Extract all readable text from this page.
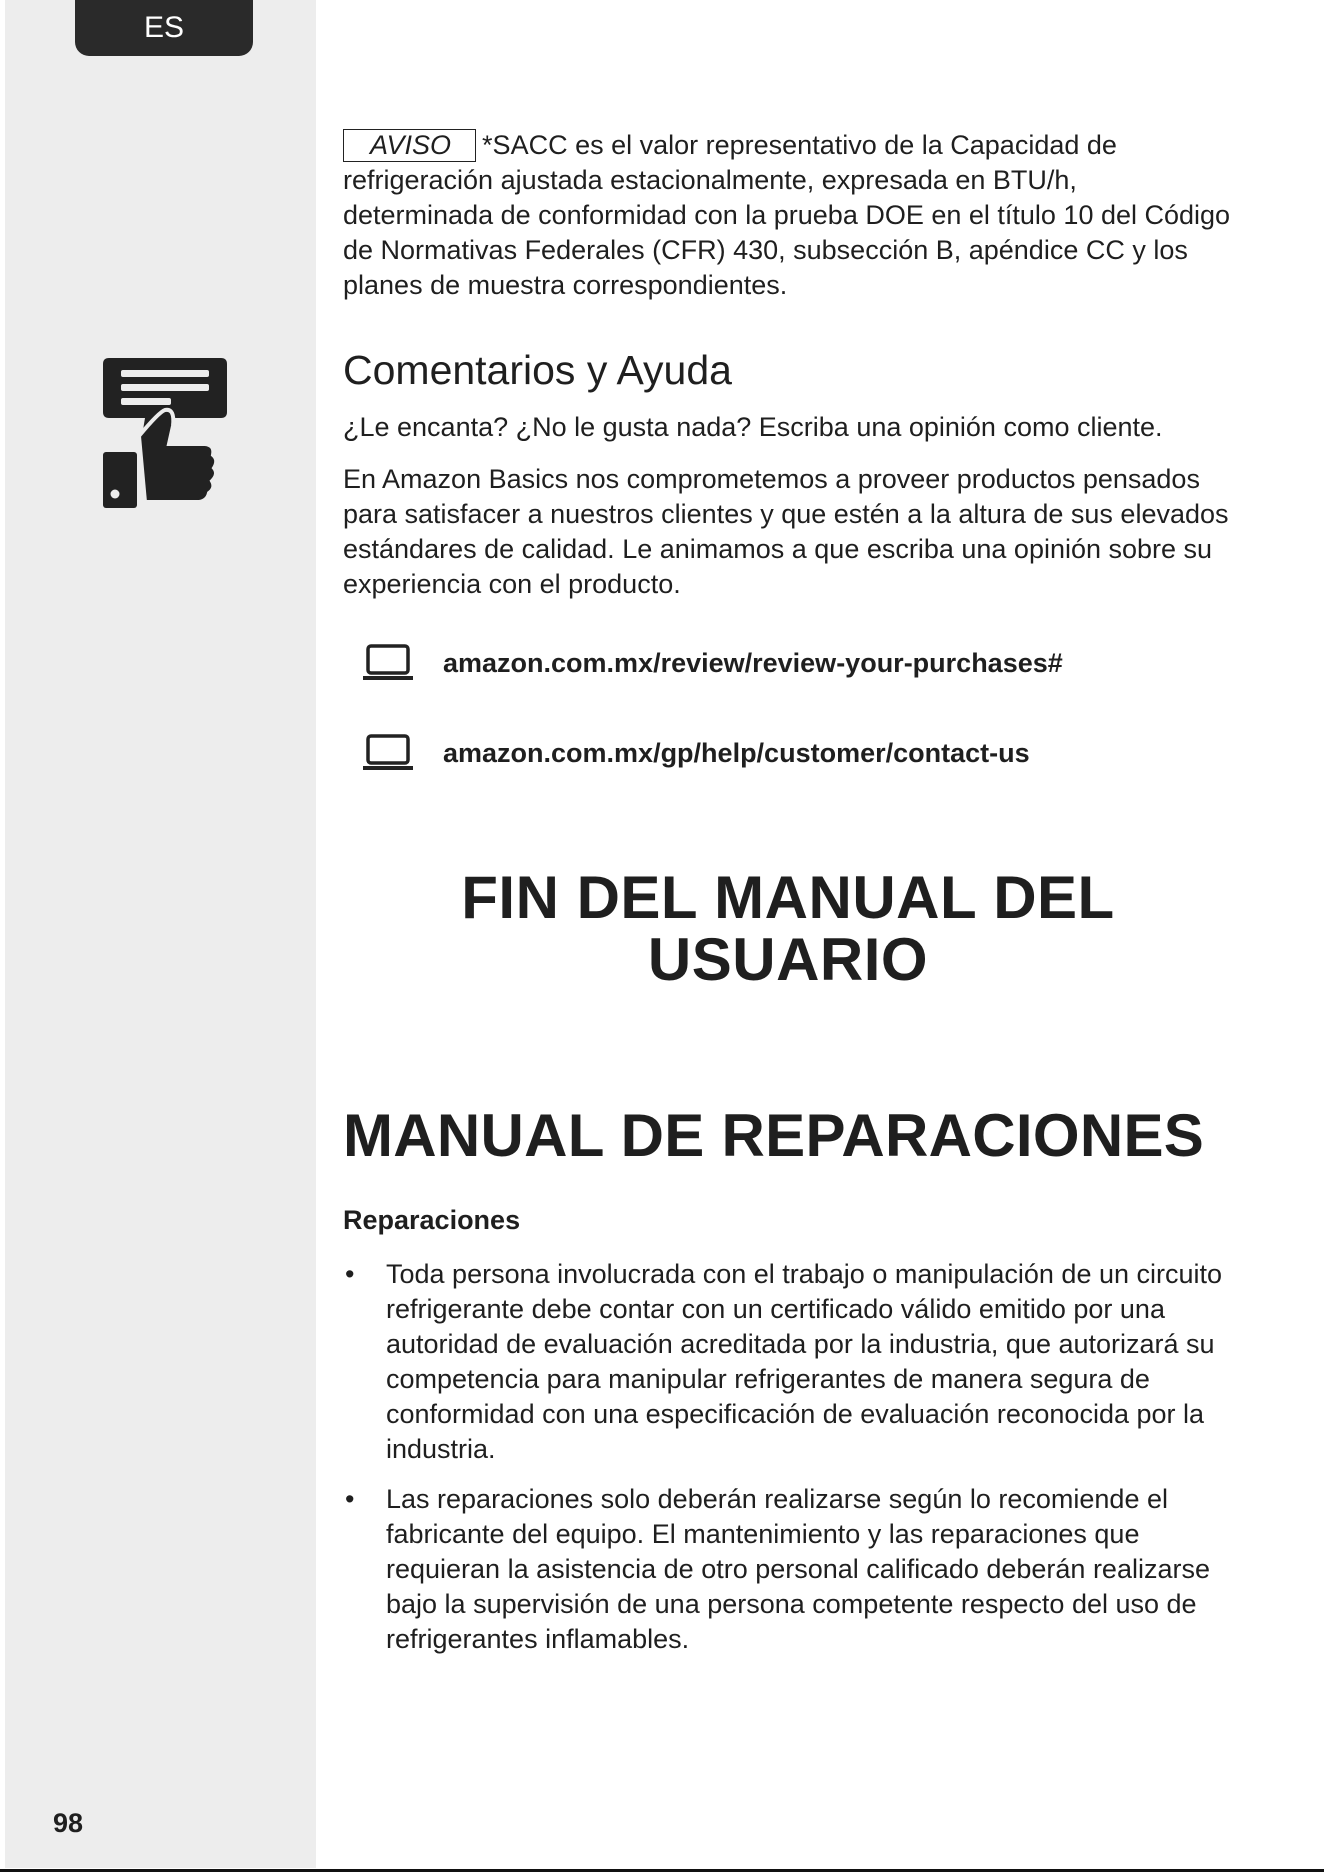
ES
98

AVISO *SACC es el valor representativo de la Capacidad de refrigeración ajustada estacionalmente, expresada en BTU/h, determinada de conformidad con la prueba DOE en el título 10 del Código de Normativas Federales (CFR) 430, subsección B, apéndice CC y los planes de muestra correspondientes.

Comentarios y Ayuda

¿Le encanta? ¿No le gusta nada? Escriba una opinión como cliente.

En Amazon Basics nos comprometemos a proveer productos pensados para satisfacer a nuestros clientes y que estén a la altura de sus elevados estándares de calidad. Le animamos a que escriba una opinión sobre su experiencia con el producto.

amazon.com.mx/review/review-your-purchases#
amazon.com.mx/gp/help/customer/contact-us
FIN DEL MANUAL DEL
USUARIO
MANUAL DE REPARACIONES
Reparaciones
• Toda persona involucrada con el trabajo o manipulación de un circuito refrigerante debe contar con un certificado válido emitido por una autoridad de evaluación acreditada por la industria, que autorizará su competencia para manipular refrigerantes de manera segura de conformidad con una especificación de evaluación reconocida por la industria.
• Las reparaciones solo deberán realizarse según lo recomiende el fabricante del equipo. El mantenimiento y las reparaciones que requieran la asistencia de otro personal calificado deberán realizarse bajo la supervisión de una persona competente respecto del uso de refrigerantes inflamables.
